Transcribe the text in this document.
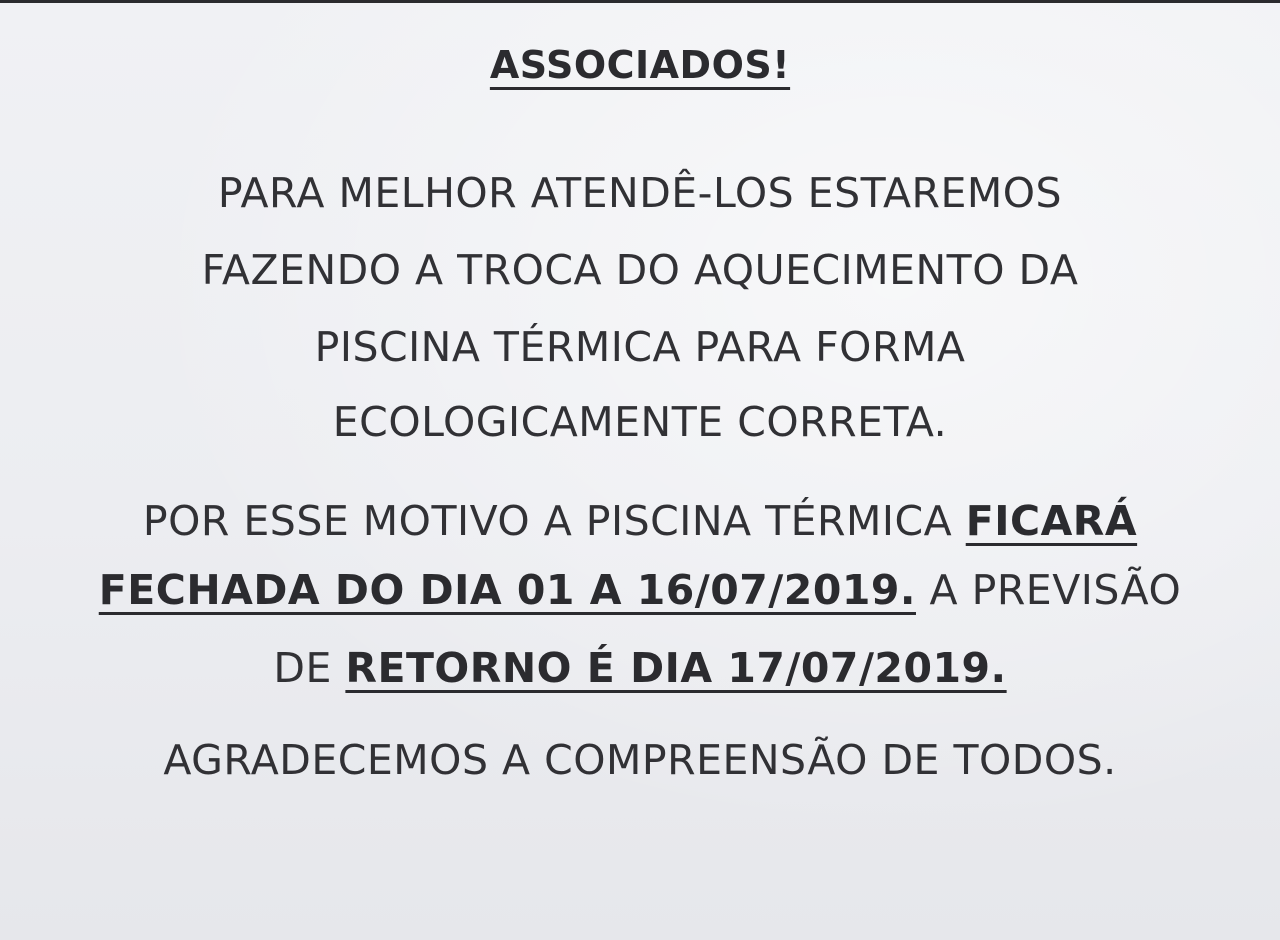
ASSOCIADOS!
PARA MELHOR ATENDÊ-LOS ESTAREMOS
FAZENDO A TROCA DO AQUECIMENTO DA
PISCINA TÉRMICA PARA FORMA
ECOLOGICAMENTE CORRETA.
POR ESSE MOTIVO A PISCINA TÉRMICA FICARÁ
FECHADA DO DIA 01 A 16/07/2019. A PREVISÃO
DE RETORNO É DIA 17/07/2019.
AGRADECEMOS A COMPREENSÃO DE TODOS.
